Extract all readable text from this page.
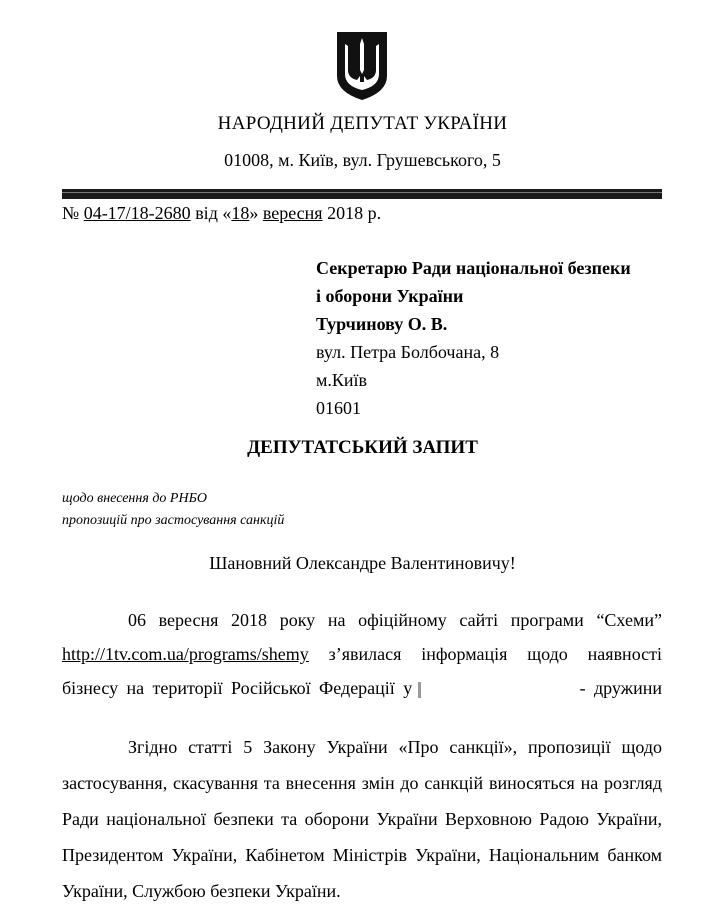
НАРОДНИЙ ДЕПУТАТ УКРАЇНИ
01008, м. Київ, вул. Грушевського, 5
№ 04-17/18-2680 від «18» вересня 2018 р.
Секретарю Ради національної безпеки
і оборони України
Турчинову О. В.
вул. Петра Болбочана, 8
м.Київ
01601
ДЕПУТАТСЬКИЙ ЗАПИТ
щодо внесення до РНБО
пропозицій про застосування санкцій
Шановний Олександре Валентиновичу!
06 вересня 2018 року на офіційному сайті програми “Схеми”
http://1tv.com.ua/programs/shemy з’явилася інформація щодо наявності
бізнесу на території Російської Федерації у	- дружини
Згідно статті 5 Закону України «Про санкції», пропозиції щодо
застосування, скасування та внесення змін до санкцій виносяться на розгляд
Ради національної безпеки та оборони України Верховною Радою України,
Президентом України, Кабінетом Міністрів України, Національним банком
України, Службою безпеки України.
